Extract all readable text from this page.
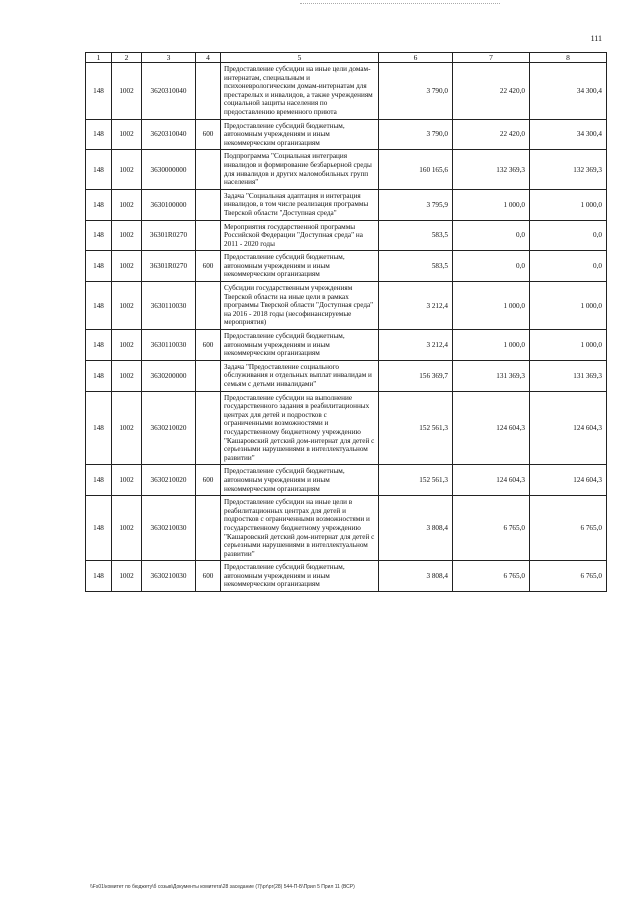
111
1	2	3	4	5	6	7	8
148	1002	3620310040		Предоставление субсидии на иные цели домам-интернатам, специальным и психоневрологическим домам-интернатам для престарелых и инвалидов, а также учреждениям социальной защиты населения по предоставлению временного приюта	3 790,0	22 420,0	34 300,4
148	1002	3620310040	600	Предоставление субсидий бюджетным, автономным учреждениям и иным некоммерческим организациям	3 790,0	22 420,0	34 300,4
148	1002	3630000000		Подпрограмма "Социальная интеграция инвалидов и формирование безбарьерной среды для инвалидов и других маломобильных групп населения"	160 165,6	132 369,3	132 369,3
148	1002	3630100000		Задача "Социальная адаптация и интеграция инвалидов, в том числе реализация программы Тверской области "Доступная среда"	3 795,9	1 000,0	1 000,0
148	1002	36301R0270		Мероприятия государственной программы Российской Федерации "Доступная среда" на 2011 - 2020 годы	583,5	0,0	0,0
148	1002	36301R0270	600	Предоставление субсидий бюджетным, автономным учреждениям и иным некоммерческим организациям	583,5	0,0	0,0
148	1002	3630110030		Субсидии государственным учреждениям Тверской области на иные цели в рамках программы Тверской области "Доступная среда" на 2016 - 2018 годы (несофинансируемые мероприятия)	3 212,4	1 000,0	1 000,0
148	1002	3630110030	600	Предоставление субсидий бюджетным, автономным учреждениям и иным некоммерческим организациям	3 212,4	1 000,0	1 000,0
148	1002	3630200000		Задача "Предоставление социального обслуживания и отдельных выплат инвалидам и семьям с детьми инвалидами"	156 369,7	131 369,3	131 369,3
148	1002	3630210020		Предоставление субсидии на выполнение государственного задания в реабилитационных центрах для детей и подростков с ограниченными возможностями и государственному бюджетному учреждению "Кашаровский детский дом-интернат для детей с серьезными нарушениями в интеллектуальном развитии"	152 561,3	124 604,3	124 604,3
148	1002	3630210020	600	Предоставление субсидий бюджетным, автономным учреждениям и иным некоммерческим организациям	152 561,3	124 604,3	124 604,3
148	1002	3630210030		Предоставление субсидии на иные цели в реабилитационных центрах для детей и подростков с ограниченными возможностями и государственному бюджетному учреждению "Кашаровский детский дом-интернат для детей с серьезными нарушениями в интеллектуальном развитии"	3 808,4	6 765,0	6 765,0
148	1002	3630210030	600	Предоставление субсидий бюджетным, автономным учреждениям и иным некоммерческим организациям	3 808,4	6 765,0	6 765,0
\\Fs01\комитет по бюджету\б созыв\Документы комитета\28 заседание (7)\рг\рг(28) 544-П-Б\Прил 5 Прил 11 (ВСР)
